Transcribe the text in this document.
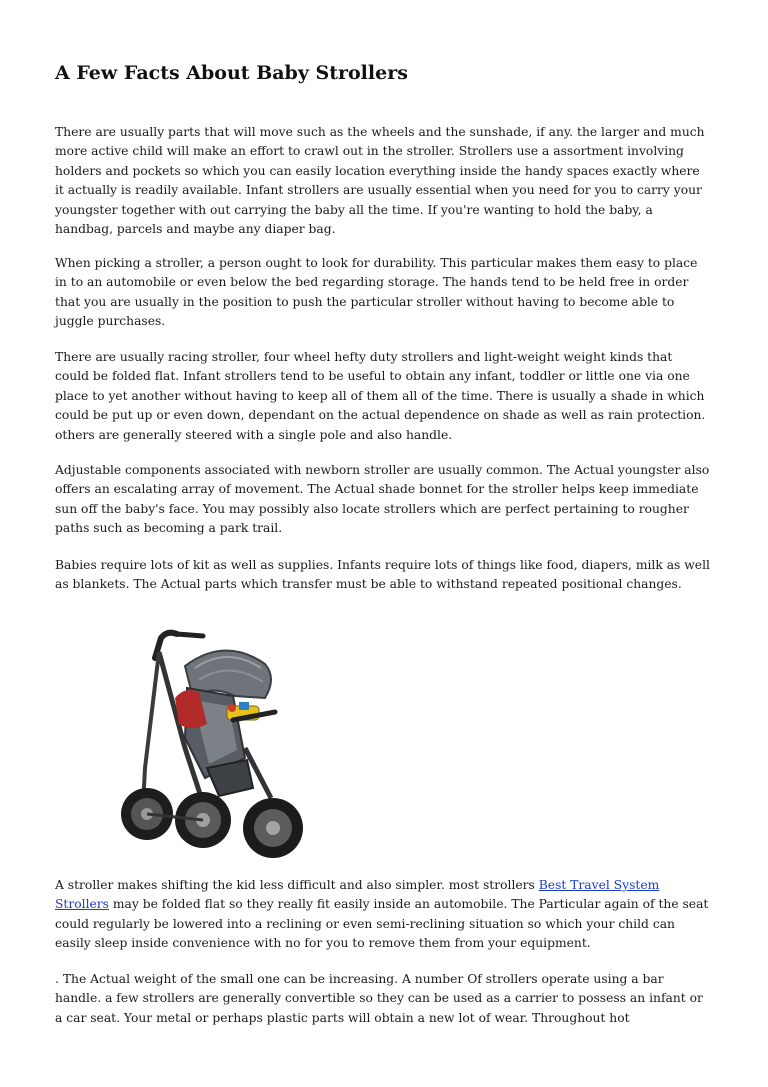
A Few Facts About Baby Strollers

There are usually parts that will move such as the wheels and the sunshade, if any. the larger and much more active child will make an effort to crawl out in the stroller. Strollers use a assortment involving holders and pockets so which you can easily location everything inside the handy spaces exactly where it actually is readily available. Infant strollers are usually essential when you need for you to carry your youngster together with out carrying the baby all the time. If you're wanting to hold the baby, a handbag, parcels and maybe any diaper bag.

When picking a stroller, a person ought to look for durability. This particular makes them easy to place in to an automobile or even below the bed regarding storage. The hands tend to be held free in order that you are usually in the position to push the particular stroller without having to become able to juggle purchases.

There are usually racing stroller, four wheel hefty duty strollers and light-weight weight kinds that could be folded flat. Infant strollers tend to be useful to obtain any infant, toddler or little one via one place to yet another without having to keep all of them all of the time. There is usually a shade in which could be put up or even down, dependant on the actual dependence on shade as well as rain protection. others are generally steered with a single pole and also handle.

Adjustable components associated with newborn stroller are usually common. The Actual youngster also offers an escalating array of movement. The Actual shade bonnet for the stroller helps keep immediate sun off the baby's face. You may possibly also locate strollers which are perfect pertaining to rougher paths such as becoming a park trail.

Babies require lots of kit as well as supplies. Infants require lots of things like food, diapers, milk as well as blankets. The Actual parts which transfer must be able to withstand repeated positional changes.

A stroller makes shifting the kid less difficult and also simpler. most strollers Best Travel System Strollers may be folded flat so they really fit easily inside an automobile. The Particular again of the seat could regularly be lowered into a reclining or even semi-reclining situation so which your child can easily sleep inside convenience with no for you to remove them from your equipment.

. The Actual weight of the small one can be increasing. A number Of strollers operate using a bar handle. a few strollers are generally convertible so they can be used as a carrier to possess an infant or a car seat. Your metal or perhaps plastic parts will obtain a new lot of wear. Throughout hot
